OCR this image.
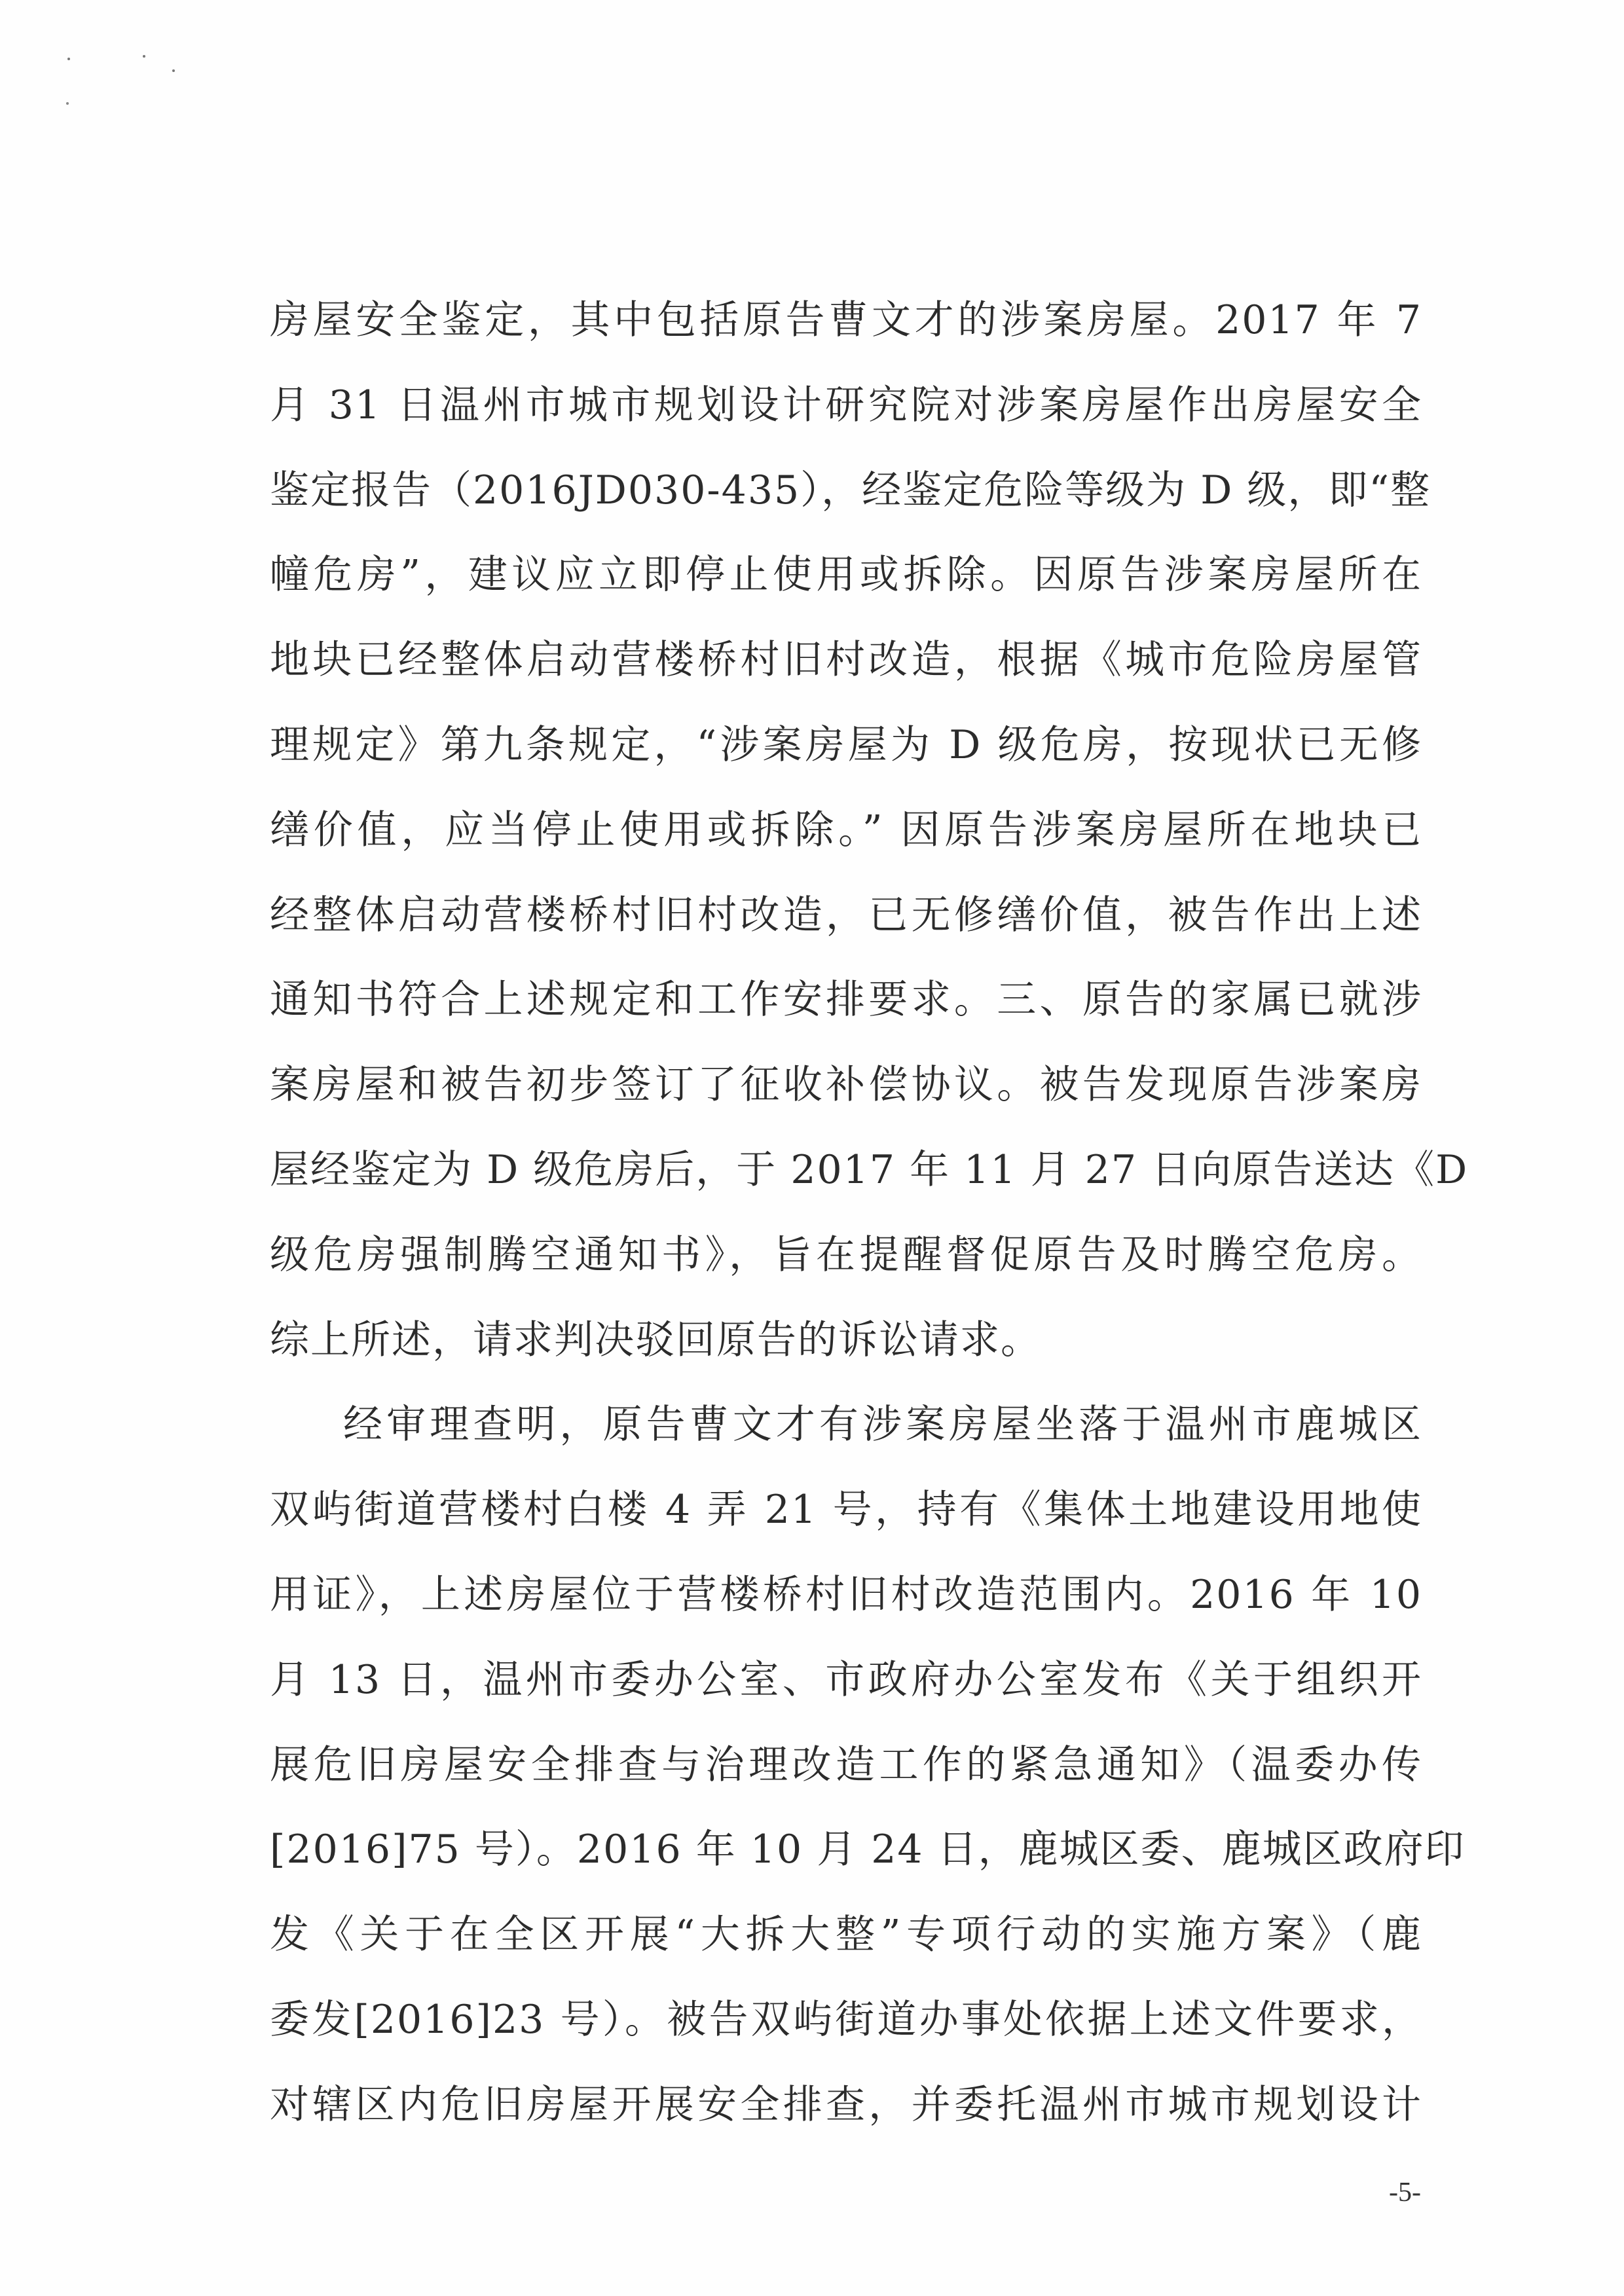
房屋安全鉴定，其中包括原告曹文才的涉案房屋。2017 年 7
月 31 日温州市城市规划设计研究院对涉案房屋作出房屋安全
鉴定报告（2016JD030-435），经鉴定危险等级为 D 级，即“整
幢危房”，建议应立即停止使用或拆除。因原告涉案房屋所在
地块已经整体启动营楼桥村旧村改造，根据《城市危险房屋管
理规定》第九条规定，“涉案房屋为 D 级危房，按现状已无修
缮价值，应当停止使用或拆除。” 因原告涉案房屋所在地块已
经整体启动营楼桥村旧村改造，已无修缮价值，被告作出上述
通知书符合上述规定和工作安排要求。三、原告的家属已就涉
案房屋和被告初步签订了征收补偿协议。被告发现原告涉案房
屋经鉴定为 D 级危房后，于 2017 年 11 月 27 日向原告送达《D
级危房强制腾空通知书》，旨在提醒督促原告及时腾空危房。
综上所述，请求判决驳回原告的诉讼请求。
经审理查明，原告曹文才有涉案房屋坐落于温州市鹿城区
双屿街道营楼村白楼 4 弄 21 号，持有《集体土地建设用地使
用证》，上述房屋位于营楼桥村旧村改造范围内。2016 年 10
月 13 日，温州市委办公室、市政府办公室发布《关于组织开
展危旧房屋安全排查与治理改造工作的紧急通知》（温委办传
[2016]75 号）。2016 年 10 月 24 日，鹿城区委、鹿城区政府印
发《关于在全区开展“大拆大整”专项行动的实施方案》（鹿
委发[2016]23 号）。被告双屿街道办事处依据上述文件要求，
对辖区内危旧房屋开展安全排查，并委托温州市城市规划设计
-5-
